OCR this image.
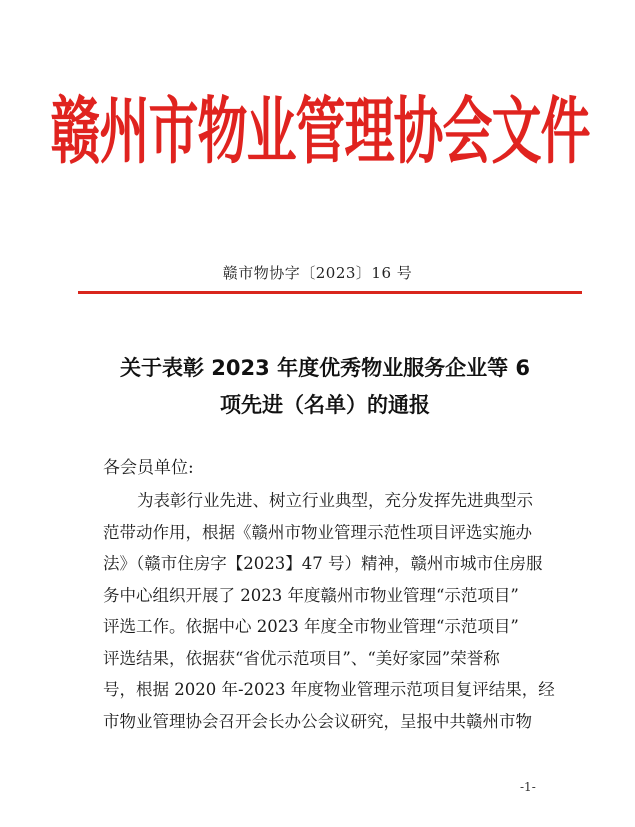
赣州市物业管理协会文件
赣市物协字〔2023〕16 号
关于表彰 2023 年度优秀物业服务企业等 6
项先进（名单）的通报
各会员单位:
为表彰行业先进、树立行业典型，充分发挥先进典型示
范带动作用，根据《赣州市物业管理示范性项目评选实施办
法》（赣市住房字【2023】47 号）精神，赣州市城市住房服
务中心组织开展了 2023 年度赣州市物业管理“示范项目”
评选工作。依据中心 2023 年度全市物业管理“示范项目”
评选结果，依据获“省优示范项目”、“美好家园”荣誉称
号，根据 2020 年-2023 年度物业管理示范项目复评结果，经
市物业管理协会召开会长办公会议研究，呈报中共赣州市物
-1-
